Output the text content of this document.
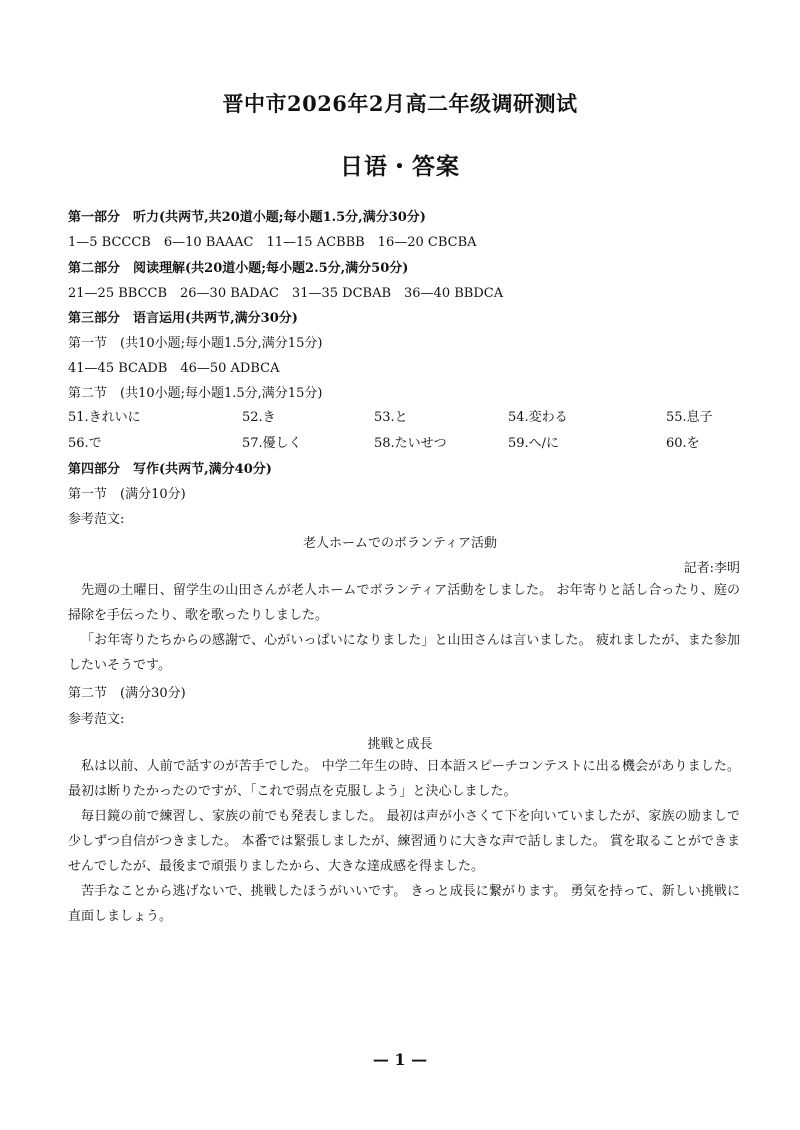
晋中市2026年2月高二年级调研测试
日语・答案
第一部分　听力(共两节,共20道小题;每小题1.5分,满分30分)
1—5 BCCCB　6—10 BAAAC　11—15 ACBBB　16—20 CBCBA
第二部分　阅读理解(共20道小题;每小题2.5分,满分50分)
21—25 BBCCB　26—30 BADAC　31—35 DCBAB　36—40 BBDCA
第三部分　语言运用(共两节,满分30分)
第一节　(共10小题;每小题1.5分,满分15分)
41—45 BCADB　46—50 ADBCA
第二节　(共10小题;每小题1.5分,满分15分)
51.きれいに	52.き	53.と	54.変わる	55.息子
56.で	57.優しく	58.たいせつ	59.へ/に	60.を
第四部分　写作(共两节,满分40分)
第一节　(满分10分)
参考范文:
老人ホームでのボランティア活動
記者:李明
先週の土曜日、留学生の山田さんが老人ホームでボランティア活動をしました。 お年寄りと話し合ったり、庭の掃除を手伝ったり、歌を歌ったりしました。
「お年寄りたちからの感謝で、心がいっぱいになりました」と山田さんは言いました。 疲れましたが、また参加したいそうです。
第二节　(满分30分)
参考范文:
挑戦と成長
私は以前、人前で話すのが苦手でした。 中学二年生の時、日本語スピーチコンテストに出る機会がありました。 最初は断りたかったのですが、「これで弱点を克服しよう」と決心しました。
毎日鏡の前で練習し、家族の前でも発表しました。 最初は声が小さくて下を向いていましたが、家族の励ましで少しずつ自信がつきました。 本番では緊張しましたが、練習通りに大きな声で話しました。 賞を取ることができませんでしたが、最後まで頑張りましたから、大きな達成感を得ました。
苦手なことから逃げないで、挑戦したほうがいいです。 きっと成長に繋がります。 勇気を持って、新しい挑戦に直面しましょう。
— 1 —
